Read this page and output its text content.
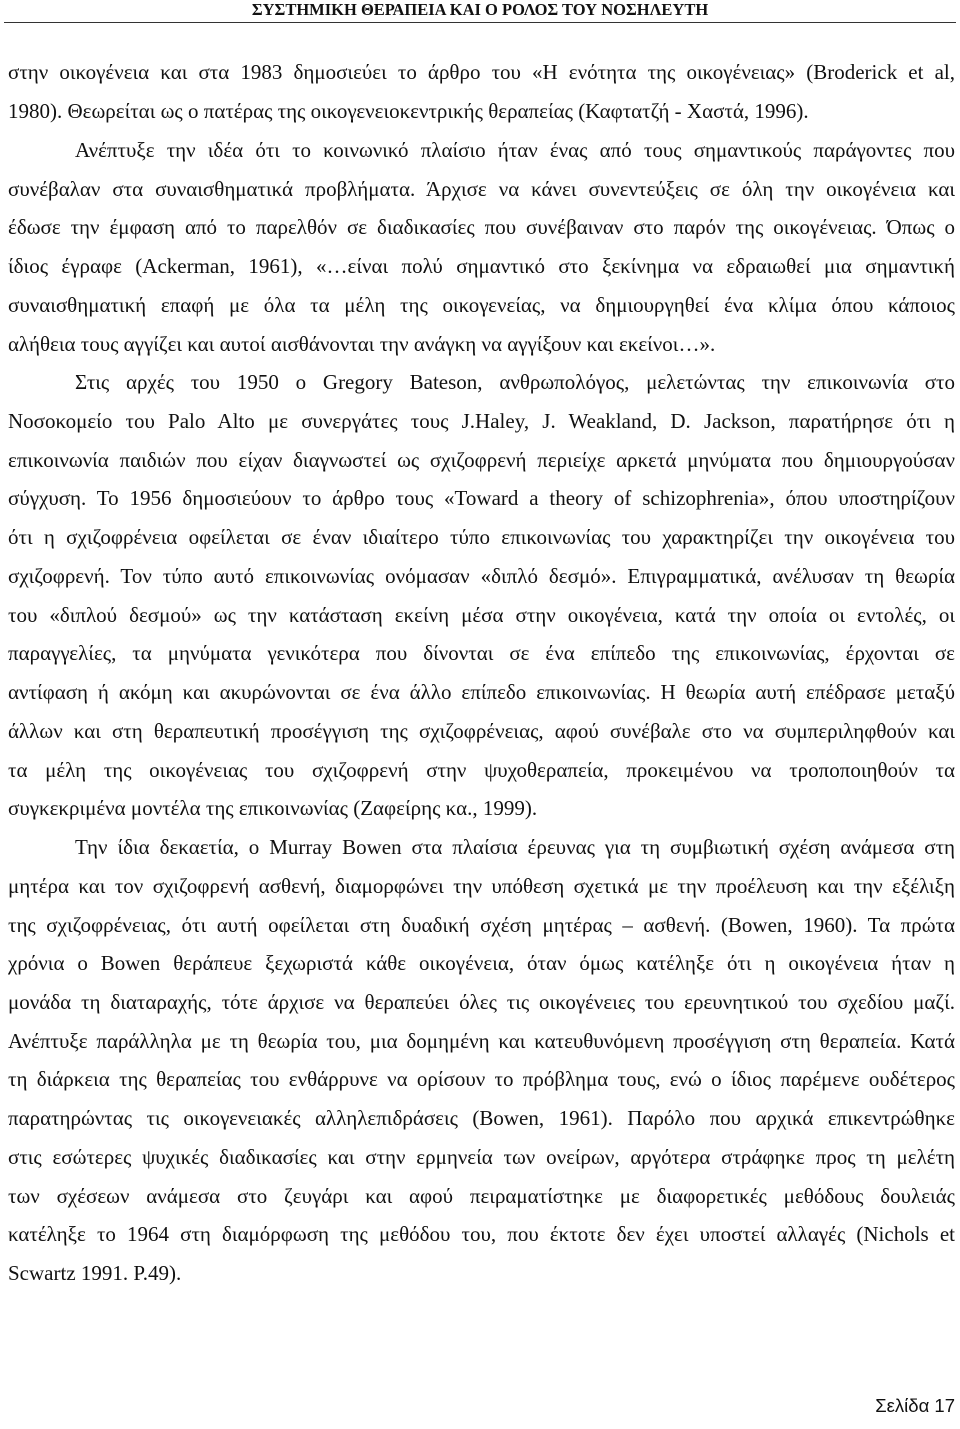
ΣΥΣΤΗΜΙΚΗ ΘΕΡΑΠΕΙΑ ΚΑΙ Ο ΡΟΛΟΣ ΤΟΥ ΝΟΣΗΛΕΥΤΗ
στην οικογένεια και στα 1983 δημοσιεύει το άρθρο του «Η ενότητα της οικογένειας» (Broderick et al,
1980). Θεωρείται ως ο πατέρας της οικογενειοκεντρικής θεραπείας (Καφτατζή - Χαστά, 1996).
Ανέπτυξε την ιδέα ότι το κοινωνικό πλαίσιο ήταν ένας από τους σημαντικούς παράγοντες που
συνέβαλαν στα συναισθηματικά προβλήματα. Άρχισε να κάνει συνεντεύξεις σε όλη την οικογένεια και
έδωσε την έμφαση από το παρελθόν σε διαδικασίες που συνέβαιναν στο παρόν της οικογένειας. Όπως ο
ίδιος έγραφε (Ackerman, 1961), «…είναι πολύ σημαντικό στο ξεκίνημα να εδραιωθεί μια σημαντική
συναισθηματική επαφή με όλα τα μέλη της οικογενείας, να δημιουργηθεί ένα κλίμα όπου κάποιος
αλήθεια τους αγγίζει και αυτοί αισθάνονται την ανάγκη να αγγίξουν και εκείνοι…».
Στις αρχές του 1950 ο Gregory Bateson, ανθρωπολόγος, μελετώντας την επικοινωνία στο
Νοσοκομείο του Palo Alto με συνεργάτες τους J.Haley, J. Weakland, D. Jackson, παρατήρησε ότι η
επικοινωνία παιδιών που είχαν διαγνωστεί ως σχιζοφρενή περιείχε αρκετά μηνύματα που δημιουργούσαν
σύγχυση. Το 1956 δημοσιεύουν το άρθρο τους «Toward a theory of schizophrenia», όπου υποστηρίζουν
ότι η σχιζοφρένεια οφείλεται σε έναν ιδιαίτερο τύπο επικοινωνίας του χαρακτηρίζει την οικογένεια του
σχιζοφρενή. Τον τύπο αυτό επικοινωνίας ονόμασαν «διπλό δεσμό». Επιγραμματικά, ανέλυσαν τη θεωρία
του «διπλού δεσμού» ως την κατάσταση εκείνη μέσα στην οικογένεια, κατά την οποία οι εντολές, οι
παραγγελίες, τα μηνύματα γενικότερα που δίνονται σε ένα επίπεδο της επικοινωνίας, έρχονται σε
αντίφαση ή ακόμη και ακυρώνονται σε ένα άλλο επίπεδο επικοινωνίας. Η θεωρία αυτή επέδρασε μεταξύ
άλλων και στη θεραπευτική προσέγγιση της σχιζοφρένειας, αφού συνέβαλε στο να συμπεριληφθούν και
τα μέλη της οικογένειας του σχιζοφρενή στην ψυχοθεραπεία, προκειμένου να τροποποιηθούν τα
συγκεκριμένα μοντέλα της επικοινωνίας (Ζαφείρης κα., 1999).
Την ίδια δεκαετία, ο Murray Bowen στα πλαίσια έρευνας για τη συμβιωτική σχέση ανάμεσα στη
μητέρα και τον σχιζοφρενή ασθενή, διαμορφώνει την υπόθεση σχετικά με την προέλευση και την εξέλιξη
της σχιζοφρένειας, ότι αυτή οφείλεται στη δυαδική σχέση μητέρας – ασθενή. (Bowen, 1960). Τα πρώτα
χρόνια ο Bowen θεράπευε ξεχωριστά κάθε οικογένεια, όταν όμως κατέληξε ότι η οικογένεια ήταν η
μονάδα τη διαταραχής, τότε άρχισε να θεραπεύει όλες τις οικογένειες του ερευνητικού του σχεδίου μαζί.
Ανέπτυξε παράλληλα με τη θεωρία του, μια δομημένη και κατευθυνόμενη προσέγγιση στη θεραπεία. Κατά
τη διάρκεια της θεραπείας του ενθάρρυνε να ορίσουν το πρόβλημα τους, ενώ ο ίδιος παρέμενε ουδέτερος
παρατηρώντας τις οικογενειακές αλληλεπιδράσεις (Bowen, 1961). Παρόλο που αρχικά επικεντρώθηκε
στις εσώτερες ψυχικές διαδικασίες και στην ερμηνεία των ονείρων, αργότερα στράφηκε προς τη μελέτη
των σχέσεων ανάμεσα στο ζευγάρι και αφού πειραματίστηκε με διαφορετικές μεθόδους δουλειάς
κατέληξε το 1964 στη διαμόρφωση της μεθόδου του, που έκτοτε δεν έχει υποστεί αλλαγές (Nichols et
Scwartz 1991. P.49).
Σελίδα 17
